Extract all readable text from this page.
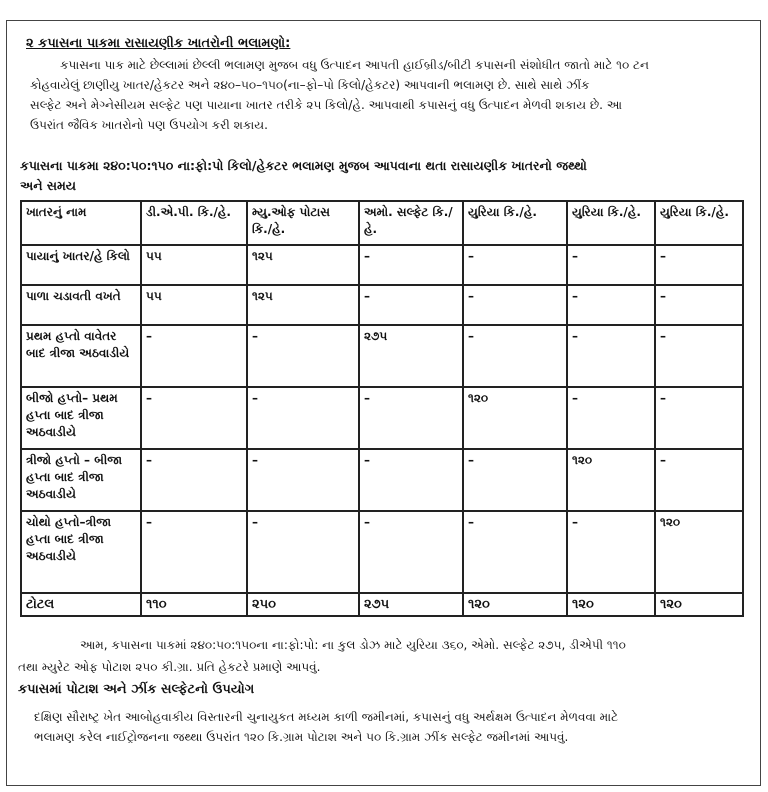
૨ કપાસના પાકમા રાસાયણીક ખાતરોની ભલામણો:
કપાસના પાક માટે છેલ્લામાં છેલ્લી ભલામણ મુજબ વધુ ઉત્પાદન આપતી હાઈબ્રીડ/બીટી કપાસની સંશોધીત જાતો માટે ૧૦ ટન
કોહવાયેલું છાણીયુ ખાતર/હેકટર અને ૨૪૦–૫૦–૧૫૦(ના–ફો–પો કિલો/હેકટર) આપવાની ભલામણ છે. સાથે સાથે ઝીંક
સલ્ફેટ અને મેગ્નેસીયમ સલ્ફેટ પણ પાયાના ખાતર તરીકે ૨૫ કિલો/હે. આપવાથી કપાસનું વધુ ઉત્પાદન મેળવી શકાય છે. આ
ઉપરાંત જૈવિક ખાતરોનો પણ ઉપયોગ કરી શકાય.
કપાસના પાકમા ૨૪૦:૫૦:૧૫૦ ના:ફો:પો કિલો/હેકટર ભલામણ મુજબ આપવાના થતા રાસાયણીક ખાતરનો જથ્થો
અને સમય
ખાતરનું નામ	ડી.એ.પી. કિ./હે.	મ્યુ.ઓફ પોટાસ કિ./હે.	અમો. સલ્ફેટ કિ./હે.	યુરિયા કિ./હે.	યુરિયા કિ./હે.	યુરિયા કિ./હે.
પાયાનું ખાતર/હે કિલો	૫૫	૧૨૫	–	–	–	–
પાળા ચડાવતી વખતે	૫૫	૧૨૫	–	–	–	–
પ્રથમ હપ્તો વાવેતર બાદ ત્રીજા અઠવાડીયે	–	–	૨૭૫	–	–	–
બીજો હપ્તો– પ્રથમ હપ્તા બાદ ત્રીજા અઠવાડીયે	–	–	–	૧૨૦	–	–
ત્રીજો હપ્તો – બીજા હપ્તા બાદ ત્રીજા અઠવાડીયે	–	–	–	–	૧૨૦	–
ચોથો હપ્તો–ત્રીજા હપ્તા બાદ ત્રીજા અઠવાડીયે	–	–	–	–	–	૧૨૦
ટોટલ	૧૧૦	૨૫૦	૨૭૫	૧૨૦	૧૨૦	૧૨૦
આમ, કપાસના પાકમાં ૨૪૦:૫૦:૧૫૦ના ના:ફો:પો: ના કુલ ડોઝ માટે યુરિયા ૩૬૦, એમો. સલ્ફેટ ૨૭૫, ડીએપી ૧૧૦
તથા મ્યુરેટ ઓફ પોટાશ ૨૫૦ કી.ગ્રા. પ્રતિ હેકટરે પ્રમાણે આપવું.
કપાસમાં પોટાશ અને ઝીંક સલ્ફેટનો ઉપયોગ
દક્ષિણ સૌરાષ્ટ્ર ખેત આબોહવાકીય વિસ્તારની ચુનાયુકત મધ્યમ કાળી જમીનમાં, કપાસનું વધુ અર્થક્ષમ ઉત્પાદન મેળવવા માટે
ભલામણ કરેલ નાઈટ્રોજનના જથ્થા ઉપરાંત ૧૨૦ કિ.ગ્રામ પોટાશ અને ૫૦ કિ.ગ્રામ ઝીંક સલ્ફેટ જમીનમાં આપવું.
